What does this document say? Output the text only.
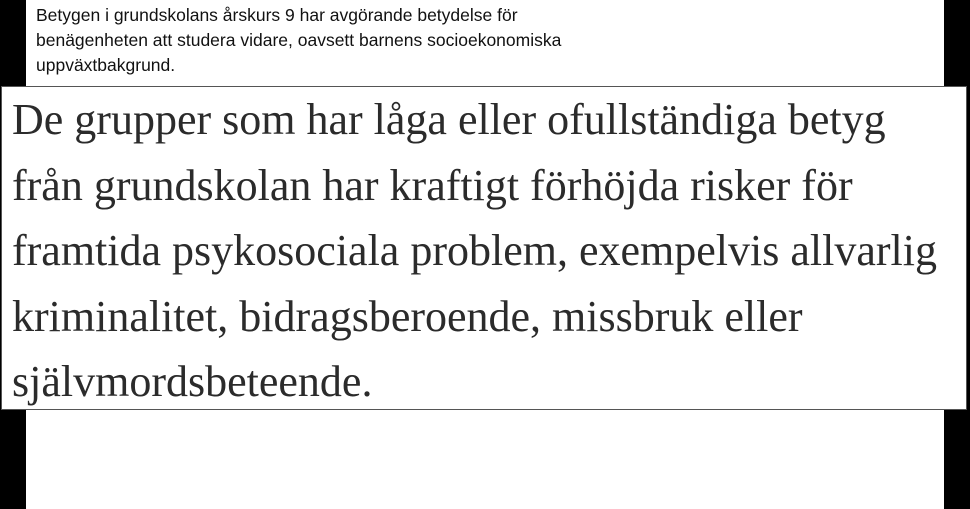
Betygen i grundskolans årskurs 9 har avgörande betydelse för benägenheten att studera vidare, oavsett barnens socioekonomiska uppväxtbakgrund.

De grupper som har låga eller ofullständiga betyg från grundskolan har kraftigt förhöjda risker för framtida psykosociala problem, exempelvis allvarlig kriminalitet, bidragsberoende, missbruk eller självmordsbeteende.
